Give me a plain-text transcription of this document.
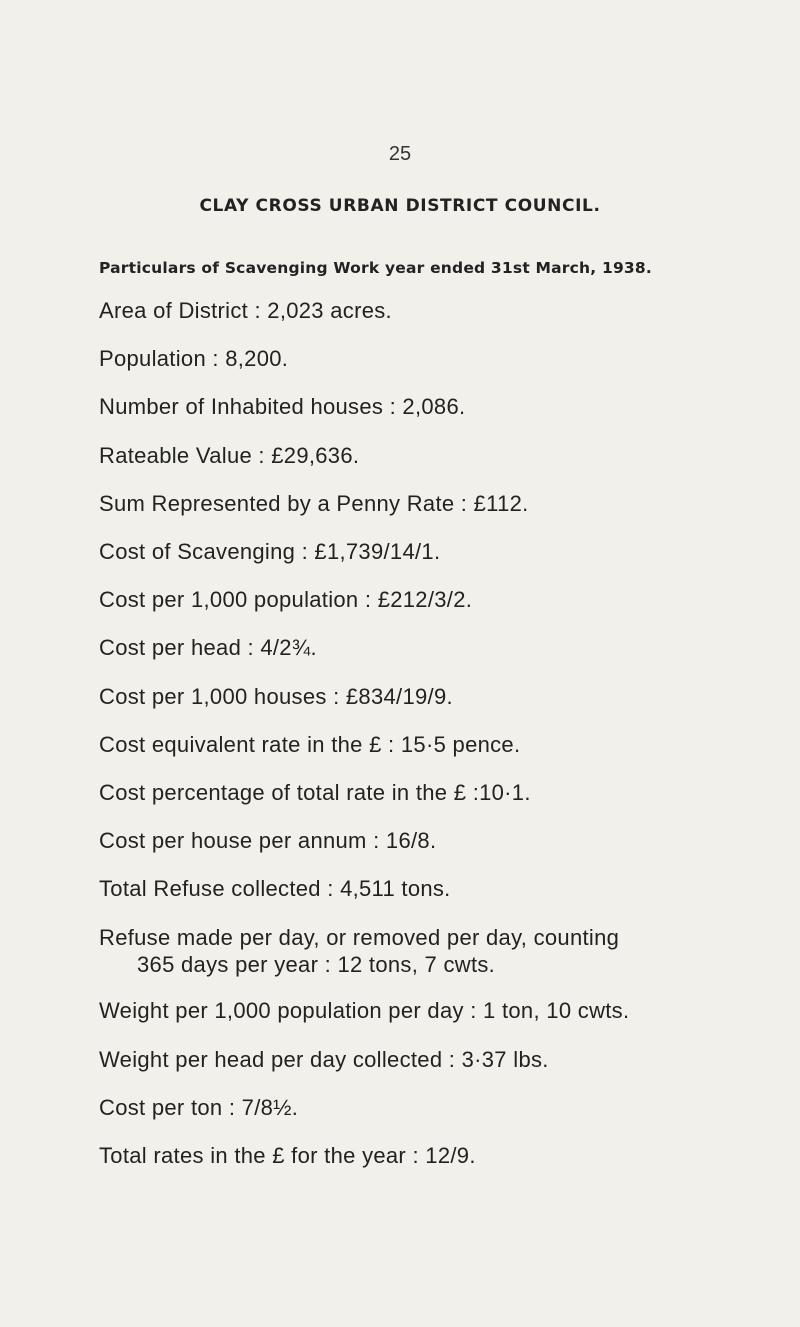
25
CLAY CROSS URBAN DISTRICT COUNCIL.
Particulars of Scavenging Work year ended 31st March, 1938.
Area of District : 2,023 acres.
Population : 8,200.
Number of Inhabited houses : 2,086.
Rateable Value : £29,636.
Sum Represented by a Penny Rate : £112.
Cost of Scavenging : £1,739/14/1.
Cost per 1,000 population : £212/3/2.
Cost per head : 4/2¾.
Cost per 1,000 houses : £834/19/9.
Cost equivalent rate in the £ : 15·5 pence.
Cost percentage of total rate in the £ :10·1.
Cost per house per annum : 16/8.
Total Refuse collected : 4,511 tons.
Refuse made per day, or removed per day, counting
365 days per year : 12 tons, 7 cwts.
Weight per 1,000 population per day : 1 ton, 10 cwts.
Weight per head per day collected : 3·37 lbs.
Cost per ton : 7/8½.
Total rates in the £ for the year : 12/9.
